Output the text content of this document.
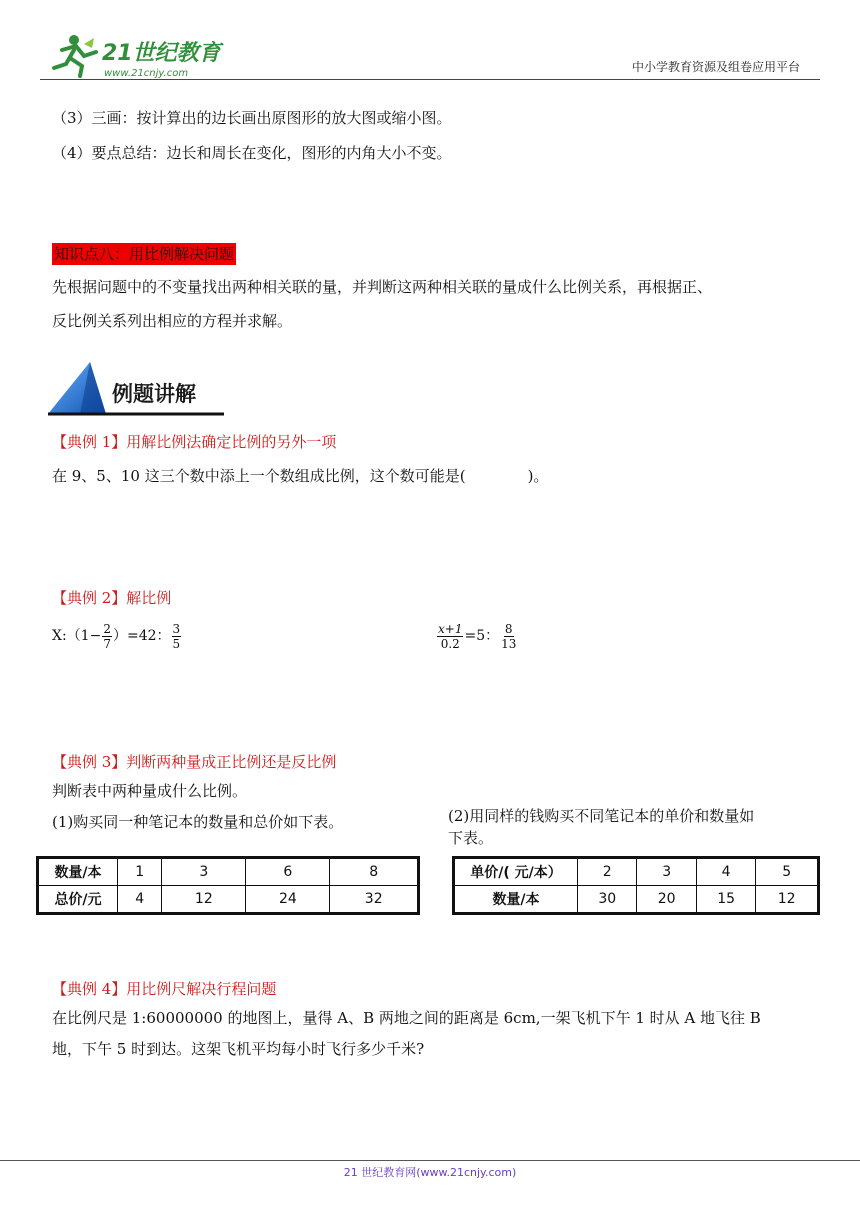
21世纪教育
www.21cnjy.com	中小学教育资源及组卷应用平台
（3）三画：按计算出的边长画出原图形的放大图或缩小图。
（4）要点总结：边长和周长在变化，图形的内角大小不变。
知识点八：用比例解决问题
先根据问题中的不变量找出两种相关联的量，并判断这两种相关联的量成什么比例关系，再根据正、
反比例关系列出相应的方程并求解。
例题讲解
【典例 1】用解比例法确定比例的另外一项
在 9、5、10 这三个数中添上一个数组成比例，这个数可能是(	)。
【典例 2】解比例
X:（1− $\frac{2}{7} )=42$： $\frac{3}{5}$	$\frac{x+1}{0.2} =5$： $\frac{8}{13}$
【典例 3】判断两种量成正比例还是反比例
判断表中两种量成什么比例。
(1)购买同一种笔记本的数量和总价如下表。	(2)用同样的钱购买不同笔记本的单价和数量如
下表。
数量/本	1	3	6	8
总价/元	4	12	24	32
单价/( 元/本）	2	3	4	5
数量/本	30	20	15	12
【典例 4】用比例尺解决行程问题
在比例尺是 1:60000000 的地图上，量得 A、B 两地之间的距离是 6cm,一架飞机下午 1 时从 A 地飞往 B
地，下午 5 时到达。这架飞机平均每小时飞行多少千米?
21 世纪教育网(www.21cnjy.com)
